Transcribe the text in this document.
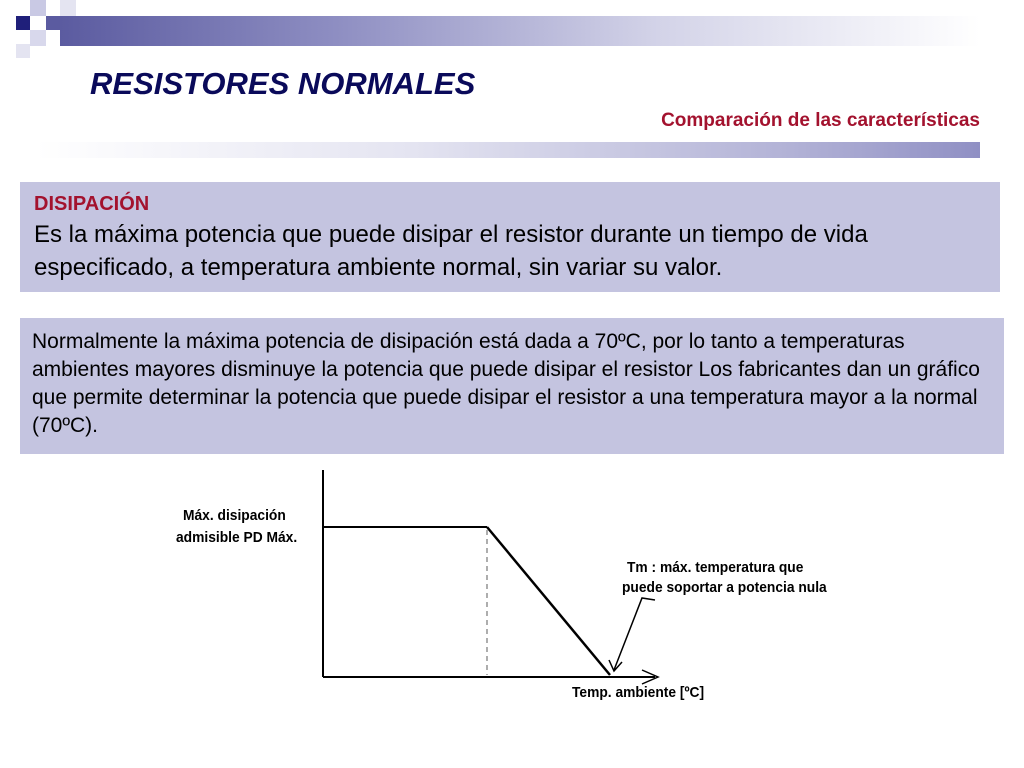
RESISTORES NORMALES
Comparación de las características
DISIPACIÓN
Es la máxima potencia que puede disipar el resistor durante un tiempo de vida especificado, a temperatura ambiente normal, sin variar su valor.
Normalmente la máxima potencia de disipación está dada a 70ºC, por lo tanto a temperaturas ambientes mayores disminuye la potencia que puede disipar el resistor Los fabricantes dan un gráfico que permite determinar la potencia que puede disipar el resistor a una temperatura mayor a la normal (70ºC).
Máx. disipación
admisible PD Máx.
Tm : máx. temperatura que
puede soportar a potencia nula
Temp. ambiente [ºC]
